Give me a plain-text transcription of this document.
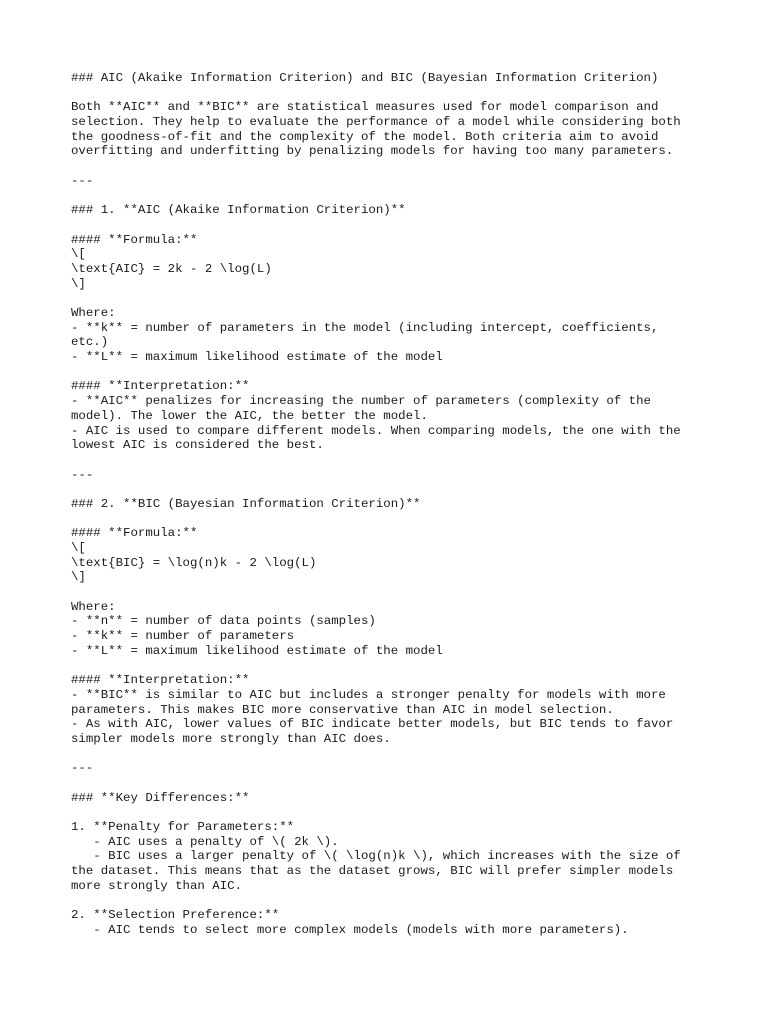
### AIC (Akaike Information Criterion) and BIC (Bayesian Information Criterion)
Both **AIC** and **BIC** are statistical measures used for model comparison and
selection. They help to evaluate the performance of a model while considering both
the goodness-of-fit and the complexity of the model. Both criteria aim to avoid
overfitting and underfitting by penalizing models for having too many parameters.
---
### 1. **AIC (Akaike Information Criterion)**
#### **Formula:**
\[
\text{AIC} = 2k - 2 \log(L)
\]
Where:
- **k** = number of parameters in the model (including intercept, coefficients,
etc.)
- **L** = maximum likelihood estimate of the model
#### **Interpretation:**
- **AIC** penalizes for increasing the number of parameters (complexity of the
model). The lower the AIC, the better the model.
- AIC is used to compare different models. When comparing models, the one with the
lowest AIC is considered the best.
---
### 2. **BIC (Bayesian Information Criterion)**
#### **Formula:**
\[
\text{BIC} = \log(n)k - 2 \log(L)
\]
Where:
- **n** = number of data points (samples)
- **k** = number of parameters
- **L** = maximum likelihood estimate of the model
#### **Interpretation:**
- **BIC** is similar to AIC but includes a stronger penalty for models with more
parameters. This makes BIC more conservative than AIC in model selection.
- As with AIC, lower values of BIC indicate better models, but BIC tends to favor
simpler models more strongly than AIC does.
---
### **Key Differences:**
1. **Penalty for Parameters:**
- AIC uses a penalty of \( 2k \).
- BIC uses a larger penalty of \( \log(n)k \), which increases with the size of
the dataset. This means that as the dataset grows, BIC will prefer simpler models
more strongly than AIC.
2. **Selection Preference:**
- AIC tends to select more complex models (models with more parameters).
